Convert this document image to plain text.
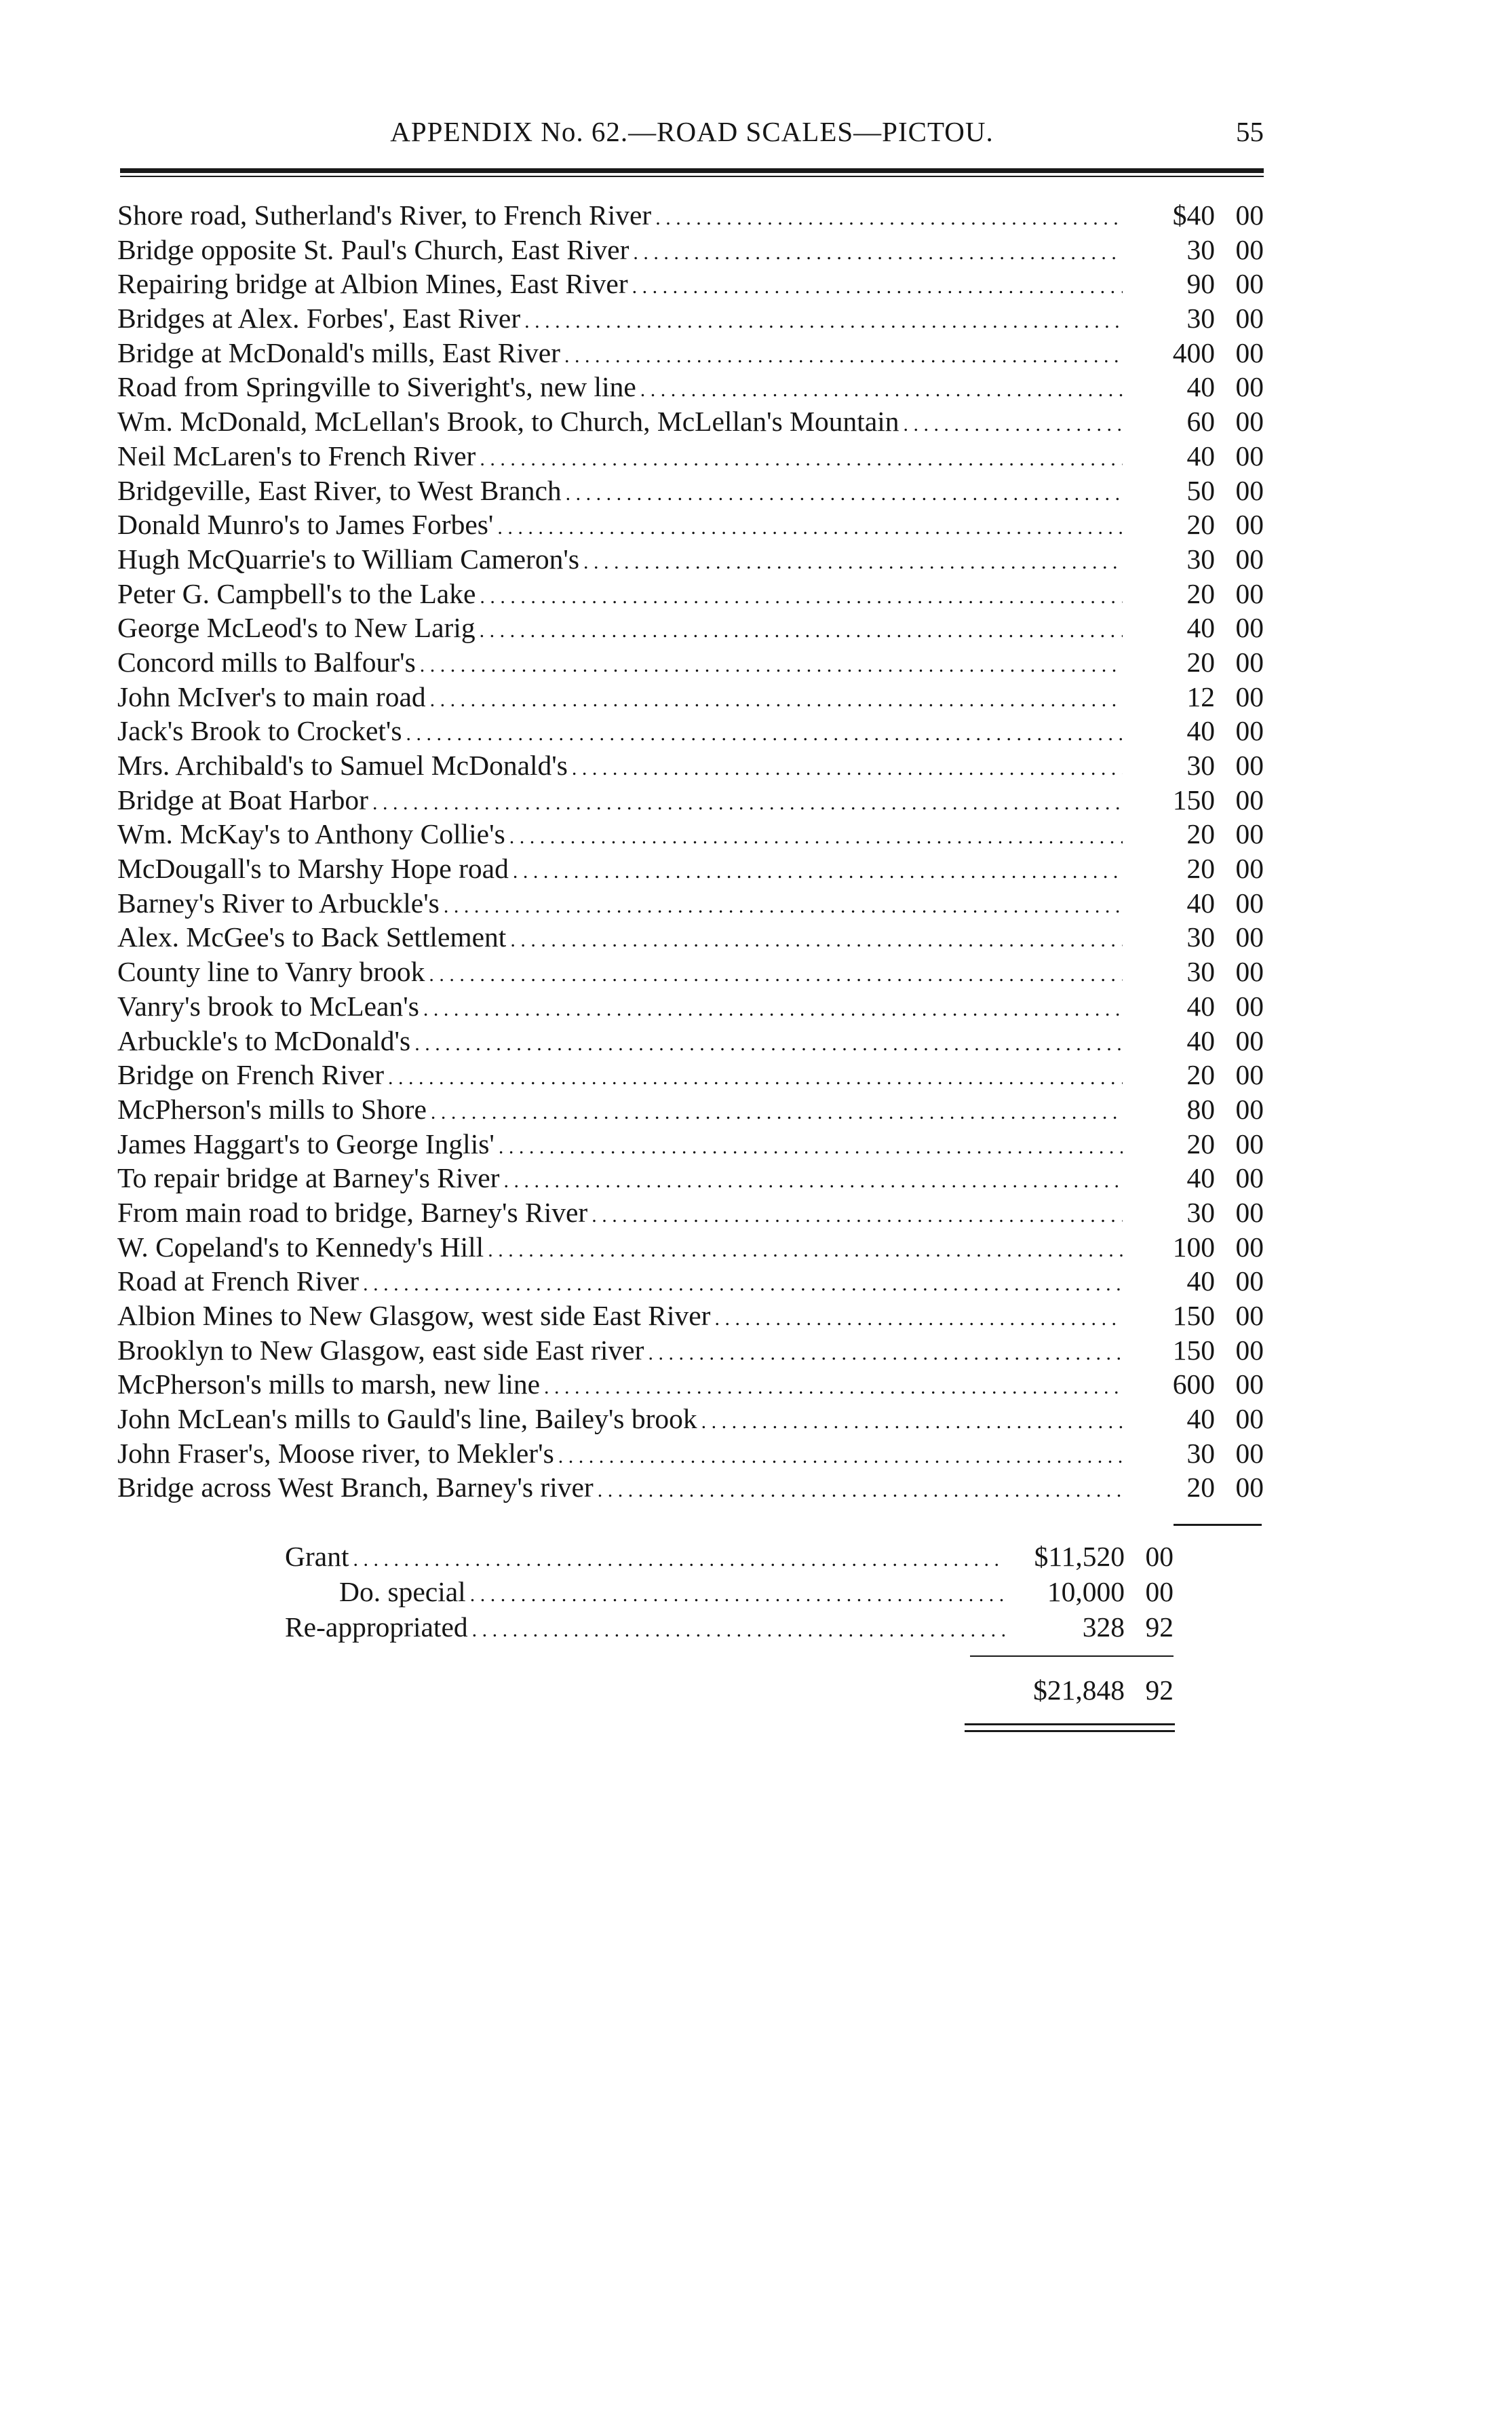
APPENDIX No. 62.—ROAD SCALES—PICTOU.	55
Shore road, Sutherland's River, to French River . . .	$40 00
Bridge opposite St. Paul's Church, East River . . .	30 00
Repairing bridge at Albion Mines, East River . . .	90 00
Bridges at Alex. Forbes', East River . . .	30 00
Bridge at McDonald's mills, East River . . .	400 00
Road from Springville to Siveright's, new line . . .	40 00
Wm. McDonald, McLellan's Brook, to Church, McLellan's Mountain . . .	60 00
Neil McLaren's to French River . . .	40 00
Bridgeville, East River, to West Branch . . .	50 00
Donald Munro's to James Forbes' . . .	20 00
Hugh McQuarrie's to William Cameron's . . .	30 00
Peter G. Campbell's to the Lake . . .	20 00
George McLeod's to New Larig . . .	40 00
Concord mills to Balfour's . . .	20 00
John McIver's to main road . . .	12 00
Jack's Brook to Crocket's . . .	40 00
Mrs. Archibald's to Samuel McDonald's . . .	30 00
Bridge at Boat Harbor . . .	150 00
Wm. McKay's to Anthony Collie's . . .	20 00
McDougall's to Marshy Hope road . . .	20 00
Barney's River to Arbuckle's . . .	40 00
Alex. McGee's to Back Settlement . . .	30 00
County line to Vanry brook . . .	30 00
Vanry's brook to McLean's . . .	40 00
Arbuckle's to McDonald's . . .	40 00
Bridge on French River . . .	20 00
McPherson's mills to Shore . . .	80 00
James Haggart's to George Inglis' . . .	20 00
To repair bridge at Barney's River . . .	40 00
From main road to bridge, Barney's River . . .	30 00
W. Copeland's to Kennedy's Hill . . .	100 00
Road at French River . . .	40 00
Albion Mines to New Glasgow, west side East River . . .	150 00
Brooklyn to New Glasgow, east side East river . . .	150 00
McPherson's mills to marsh, new line . . .	600 00
John McLean's mills to Gauld's line, Bailey's brook . . .	40 00
John Fraser's, Moose river, to Mekler's . . .	30 00
Bridge across West Branch, Barney's river . . .	20 00
Grant . . .	$11,520 00
Do. special . . .	10,000 00
Re-appropriated . . .	328 92
$21,848 92
